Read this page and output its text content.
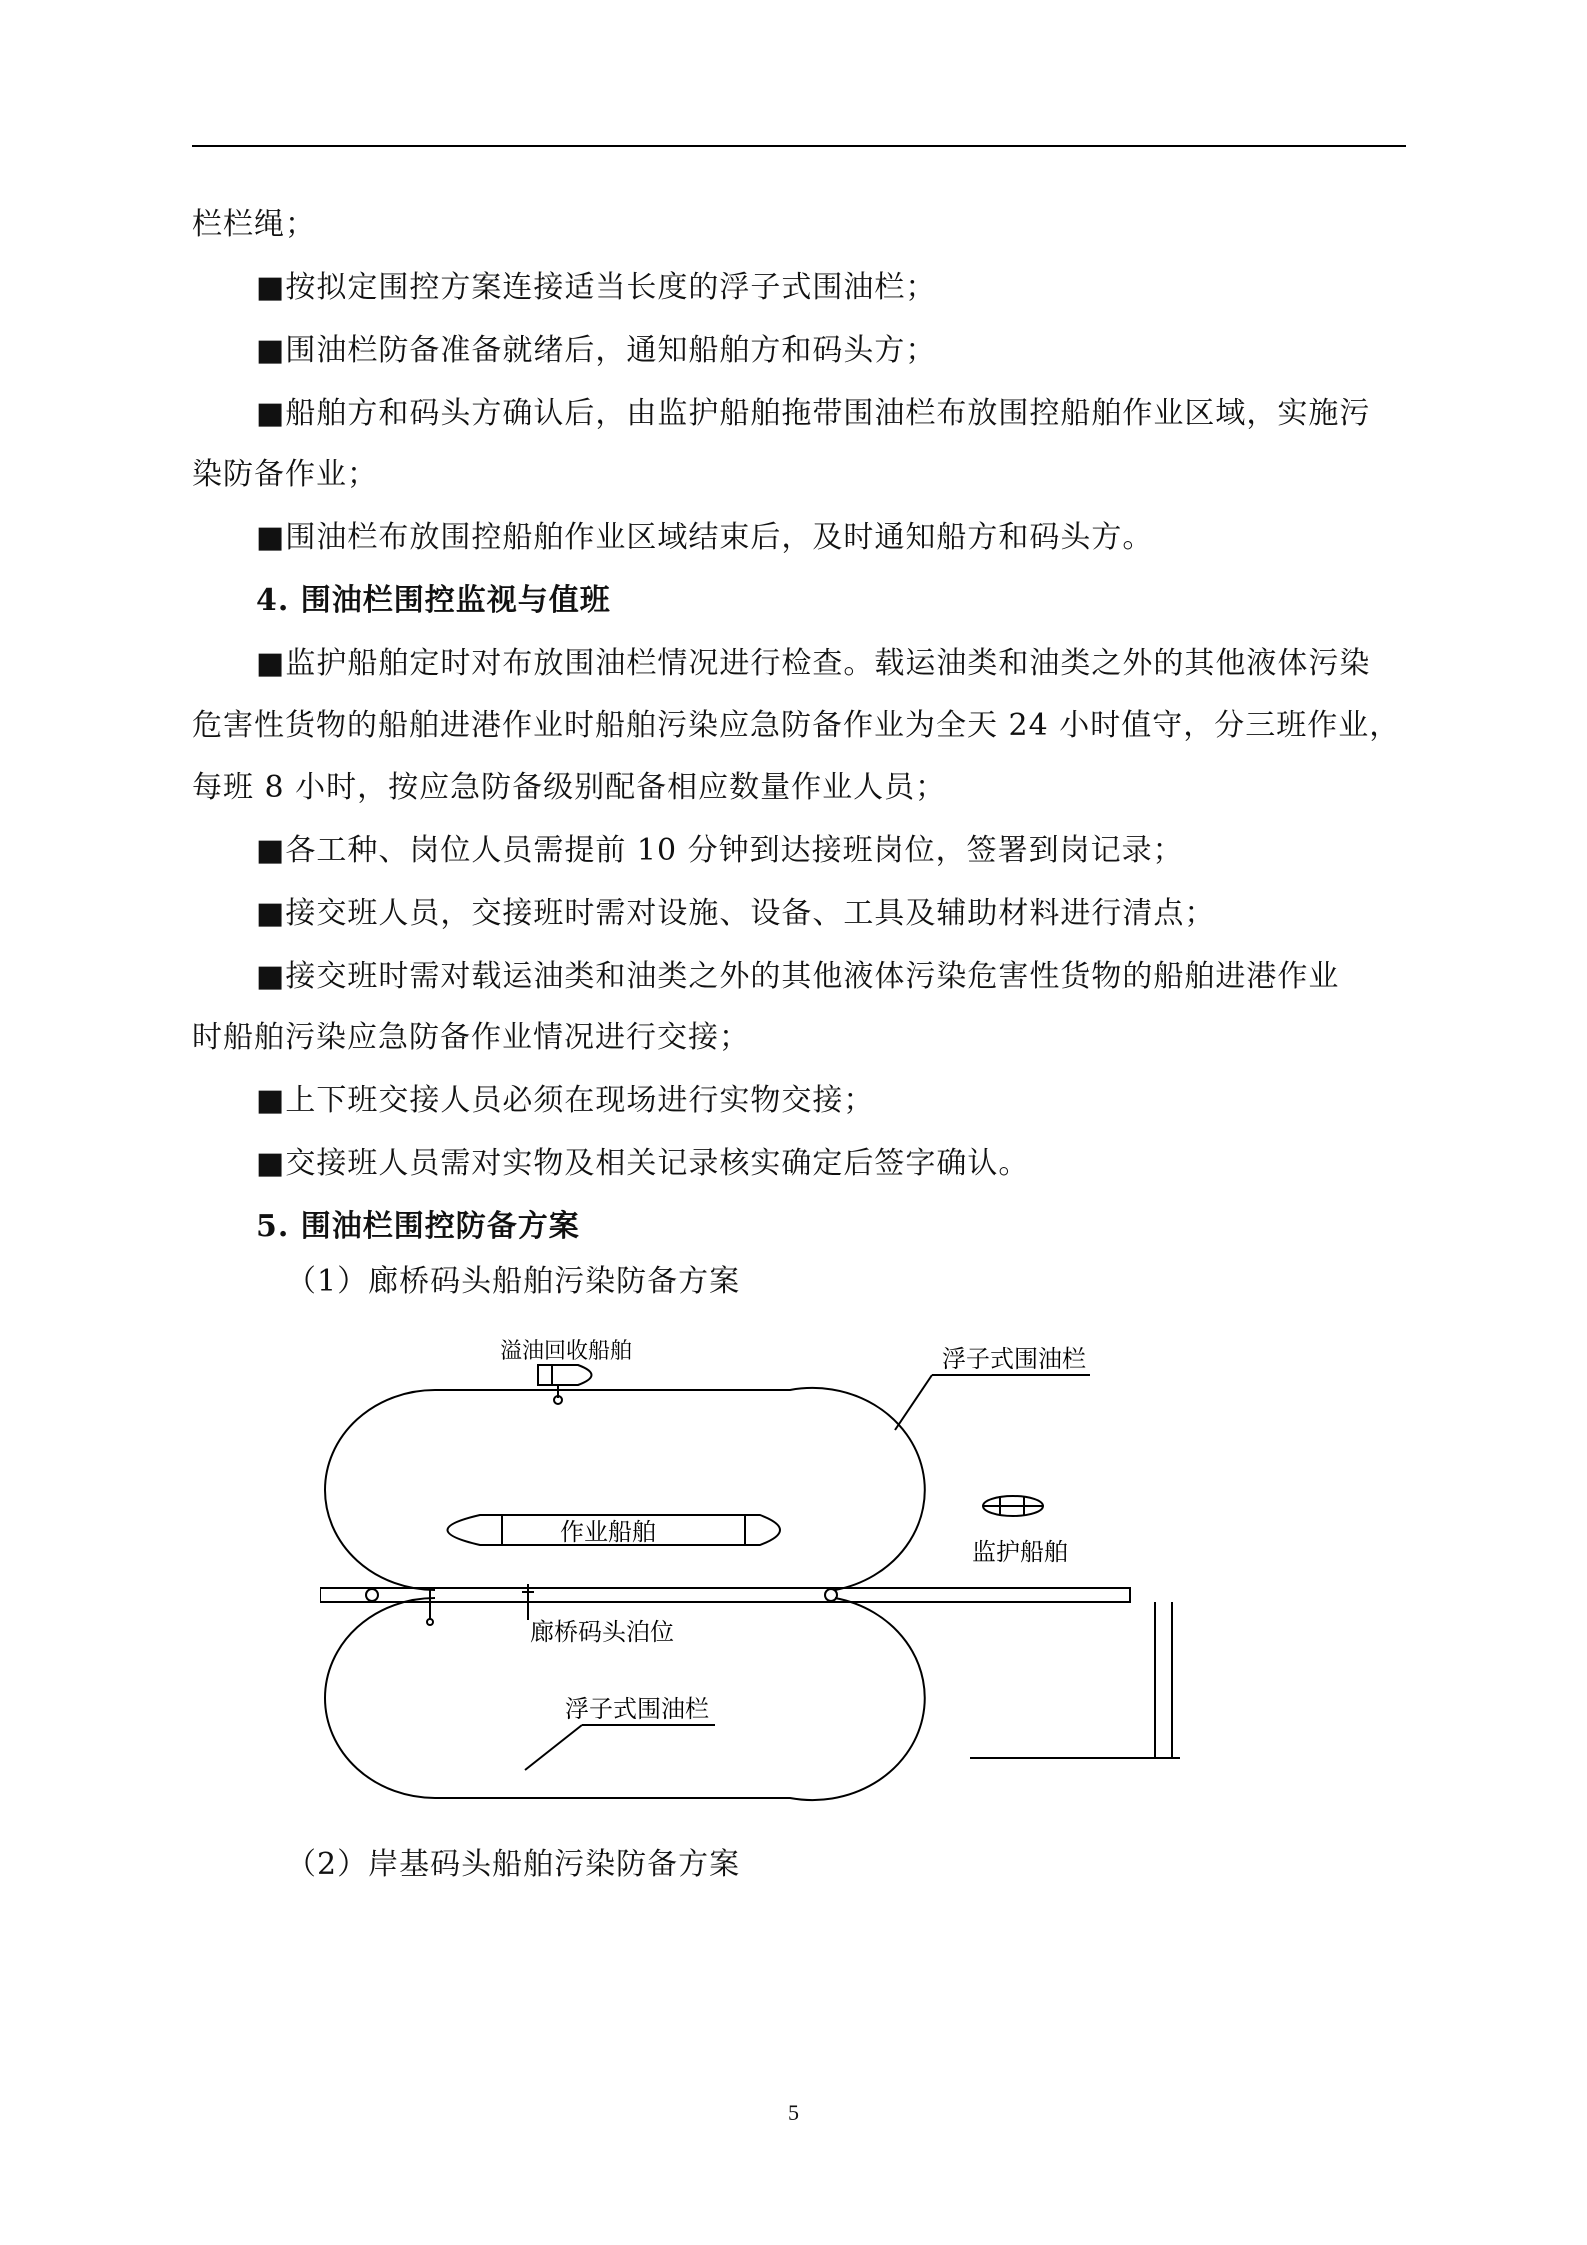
栏栏绳；
■按拟定围控方案连接适当长度的浮子式围油栏；
■围油栏防备准备就绪后，通知船舶方和码头方；
■船舶方和码头方确认后，由监护船舶拖带围油栏布放围控船舶作业区域，实施污
染防备作业；
■围油栏布放围控船舶作业区域结束后，及时通知船方和码头方。
4. 围油栏围控监视与值班
■监护船舶定时对布放围油栏情况进行检查。载运油类和油类之外的其他液体污染
危害性货物的船舶进港作业时船舶污染应急防备作业为全天 24 小时值守，分三班作业，
每班 8 小时，按应急防备级别配备相应数量作业人员；
■各工种、岗位人员需提前 10 分钟到达接班岗位，签署到岗记录；
■接交班人员，交接班时需对设施、设备、工具及辅助材料进行清点；
■接交班时需对载运油类和油类之外的其他液体污染危害性货物的船舶进港作业
时船舶污染应急防备作业情况进行交接；
■上下班交接人员必须在现场进行实物交接；
■交接班人员需对实物及相关记录核实确定后签字确认。
5. 围油栏围控防备方案
（1）廊桥码头船舶污染防备方案
溢油回收船舶	浮子式围油栏
作业船舶
监护船舶
廊桥码头泊位
浮子式围油栏
（2）岸基码头船舶污染防备方案
5
